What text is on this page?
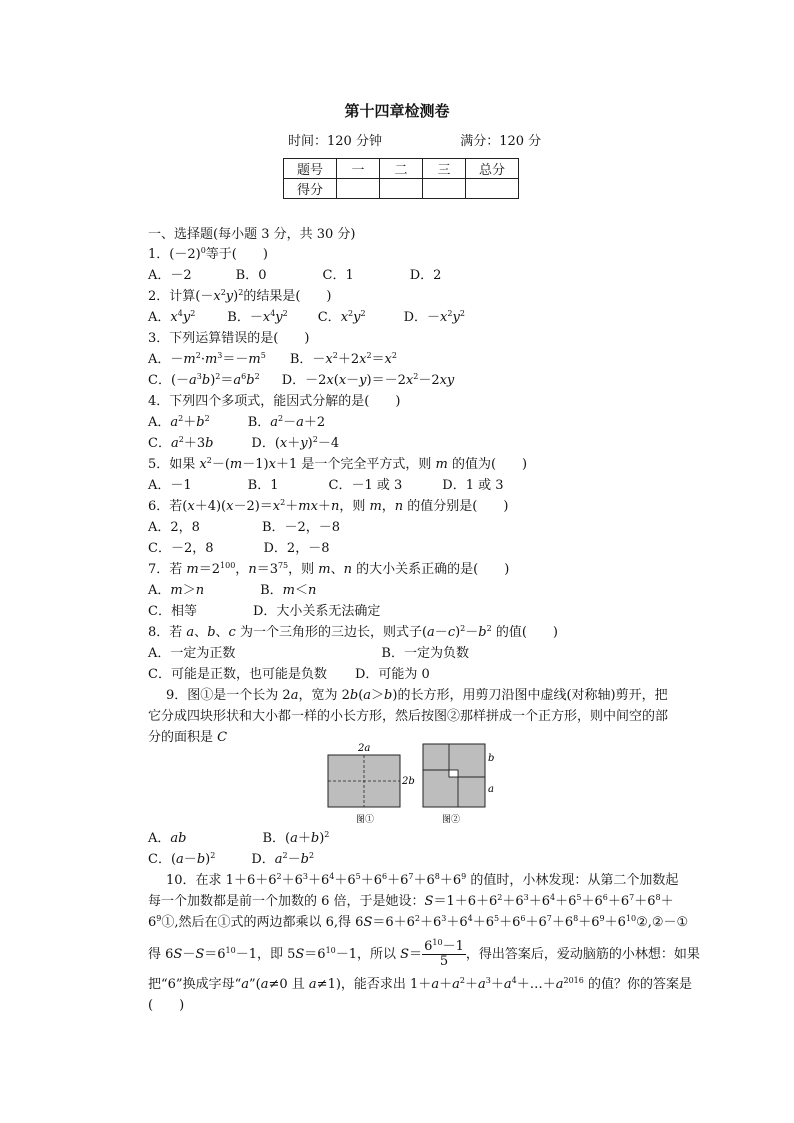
第十四章检测卷
时间：120 分钟	满分：120 分
题号	一	二	三	总分
得分				
一、选择题(每小题 3 分，共 30 分)
1．$(-2)^0$等于(　　)
A．－2	B．0	C．1	D．2
2．计算$(-x^2y)^2$的结果是(　　)
A．$x^4y^2$ B．$-x^4y^2$ C．$x^2y^2$	D．$-x^2y^2$
3．下列运算错误的是(　　)
A．$-m^2\cdot m^3=-m^5$ B．$-x^2+2x^2=x^2$
C．$(-a^3b)^2=a^6b^2$ D．$-2x(x-y)=-2x^2-2xy$
4．下列四个多项式，能因式分解的是(　　)
A．$a^2+b^2$	B．$a^2-a+2$
C．$a^2+3b$	D．$(x+y)^2-4$
5．如果 $x^2-(m-1)x+1$ 是一个完全平方式，则 m 的值为(　　)
A．－1	B．1	C．－1 或 3	D．1 或 3
6．若$(x+4)(x-2)=x^2+mx+n$，则 m，n 的值分别是(　　)
A．2，8	B．－2，－8
C．－2，8	D．2，－8
7．若 $m=2^{100}$，$n=3^{75}$，则 m、n 的大小关系正确的是(　　)
A．m＞n	B．m＜n
C．相等	D．大小关系无法确定
8．若 a、b、c 为一个三角形的三边长，则式子$(a-c)^2-b^2$ 的值(　　)
A．一定为正数	B．一定为负数
C．可能是正数，也可能是负数 D．可能为 0
9．图①是一个长为 2a，宽为 2b(a＞b)的长方形，用剪刀沿图中虚线(对称轴)剪开，把
它分成四块形状和大小都一样的小长方形，然后按图②那样拼成一个正方形，则中间空的部
分的面积是 C
2a
2b
图①
b
a
图②
A．ab	B．$(a+b)^2$
C．$(a-b)^2$	D．$a^2-b^2$
10．在求 $1+6+6^2+6^3+6^4+6^5+6^6+6^7+6^8+6^9$ 的值时，小林发现：从第二个加数起
每一个加数都是前一个加数的 6 倍，于是她设：$S=1+6+6^2+6^3+6^4+6^5+6^6+6^7+6^8+$
$6^9①$,然后在①式的两边都乘以 6,得 $6S=6+6^2+6^3+6^4+6^5+6^6+6^7+6^8+6^9+6^{10}②,②-①$
得 $6S-S=6^{10}-1$，即 $5S=6^{10}-1$，所以 $S= \frac{6^{10}-1}{5}$ ，得出答案后，爱动脑筋的小林想：如果
把“6”换成字母“a”(a≠0 且 a≠1)，能否求出 $1+a+a^2+a^3+a^4+\dots+a^{2016}$ 的值？你的答案是
(　　)
